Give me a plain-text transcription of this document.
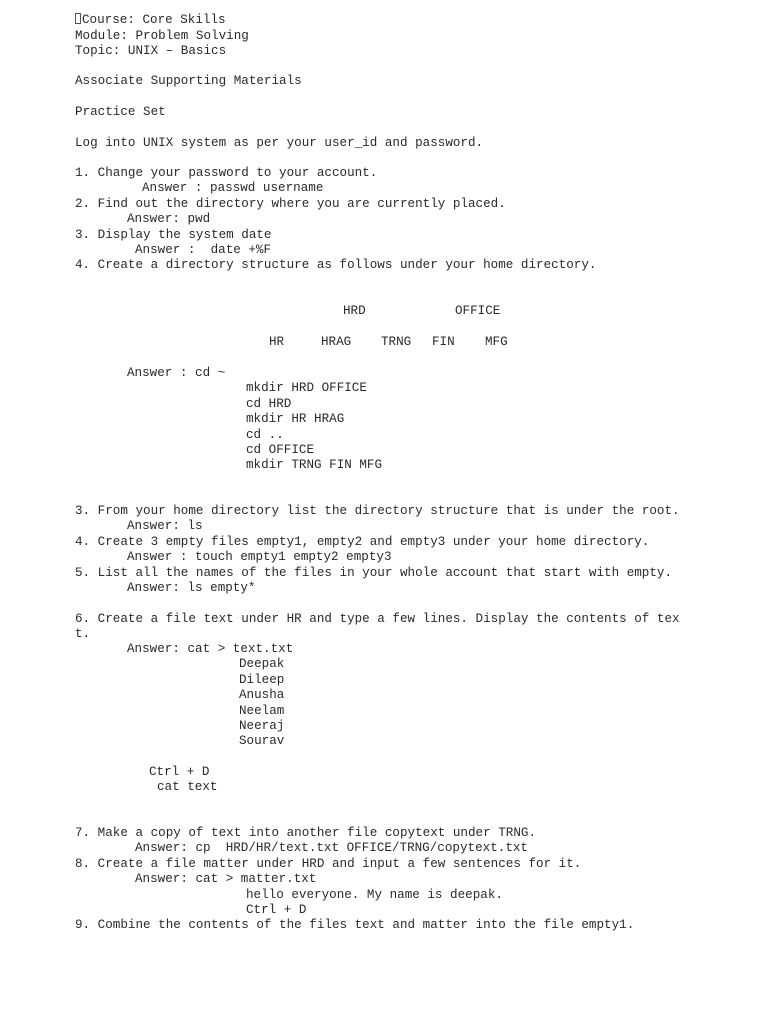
Course: Core Skills
Module: Problem Solving
Topic: UNIX – Basics
Associate Supporting Materials
Practice Set
Log into UNIX system as per your user_id and password.
1. Change your password to your account.
Answer : passwd username
2. Find out the directory where you are currently placed.
Answer: pwd
3. Display the system date
Answer :  date +%F
4. Create a directory structure as follows under your home directory.
HRD	OFFICE
HR	HRAG TRNG FIN MFG
Answer : cd ~
mkdir HRD OFFICE
cd HRD
mkdir HR HRAG
cd ..
cd OFFICE
mkdir TRNG FIN MFG
3. From your home directory list the directory structure that is under the root.
Answer: ls
4. Create 3 empty files empty1, empty2 and empty3 under your home directory.
Answer : touch empty1 empty2 empty3
5. List all the names of the files in your whole account that start with empty.
Answer: ls empty*
6. Create a file text under HR and type a few lines. Display the contents of tex
t.
Answer: cat > text.txt
Deepak
Dileep
Anusha
Neelam
Neeraj
Sourav
Ctrl + D
cat text
7. Make a copy of text into another file copytext under TRNG.
Answer: cp  HRD/HR/text.txt OFFICE/TRNG/copytext.txt
8. Create a file matter under HRD and input a few sentences for it.
Answer: cat > matter.txt
hello everyone. My name is deepak.
Ctrl + D
9. Combine the contents of the files text and matter into the file empty1.
